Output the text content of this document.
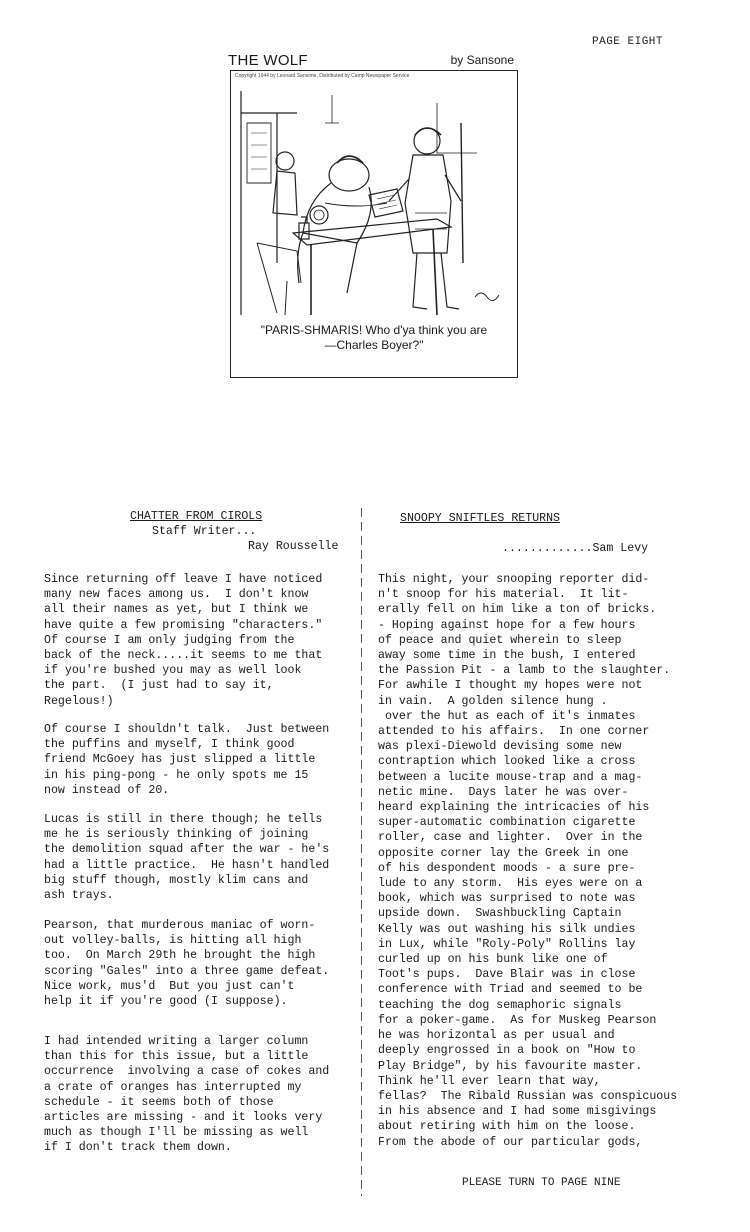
PAGE EIGHT
THE WOLF	by Sansone
Copyright 1944 by Leonard Sansone, Distributed by Camp Newspaper Service
"PARIS-SHMARIS! Who d'ya think you are
—Charles Boyer?"
CHATTER FROM CIROLS
Staff Writer...
Ray Rousselle
Since returning off leave I have noticed
many new faces among us.  I don't know
all their names as yet, but I think we
have quite a few promising "characters."
Of course I am only judging from the
back of the neck.....it seems to me that
if you're bushed you may as well look
the part.  (I just had to say it,
Regelous!)
Of course I shouldn't talk.  Just between
the puffins and myself, I think good
friend McGoey has just slipped a little
in his ping-pong - he only spots me 15
now instead of 20.
Lucas is still in there though; he tells
me he is seriously thinking of joining
the demolition squad after the war - he's
had a little practice.  He hasn't handled
big stuff though, mostly klim cans and
ash trays.
Pearson, that murderous maniac of worn-
out volley-balls, is hitting all high
too.  On March 29th he brought the high
scoring "Gales" into a three game defeat.
Nice work, mus'd  But you just can't
help it if you're good (I suppose).
I had intended writing a larger column
than this for this issue, but a little
occurrence  involving a case of cokes and
a crate of oranges has interrupted my
schedule - it seems both of those
articles are missing - and it looks very
much as though I'll be missing as well
if I don't track them down.
SNOOPY SNIFTLES RETURNS
.............Sam Levy
This night, your snooping reporter did-
n't snoop for his material.  It lit-
erally fell on him like a ton of bricks.
- Hoping against hope for a few hours
of peace and quiet wherein to sleep
away some time in the bush, I entered
the Passion Pit - a lamb to the slaughter.
For awhile I thought my hopes were not
in vain.  A golden silence hung .
over the hut as each of it's inmates
attended to his affairs.  In one corner
was plexi-Diewold devising some new
contraption which looked like a cross
between a lucite mouse-trap and a mag-
netic mine.  Days later he was over-
heard explaining the intricacies of his
super-automatic combination cigarette
roller, case and lighter.  Over in the
opposite corner lay the Greek in one
of his despondent moods - a sure pre-
lude to any storm.  His eyes were on a
book, which was surprised to note was
upside down.  Swashbuckling Captain
Kelly was out washing his silk undies
in Lux, while "Roly-Poly" Rollins lay
curled up on his bunk like one of
Toot's pups.  Dave Blair was in close
conference with Triad and seemed to be
teaching the dog semaphoric signals
for a poker-game.  As for Muskeg Pearson
he was horizontal as per usual and
deeply engrossed in a book on "How to
Play Bridge", by his favourite master.
Think he'll ever learn that way,
fellas?  The Ribald Russian was conspicuous
in his absence and I had some misgivings
about retiring with him on the loose.
From the abode of our particular gods,
PLEASE TURN TO PAGE NINE
